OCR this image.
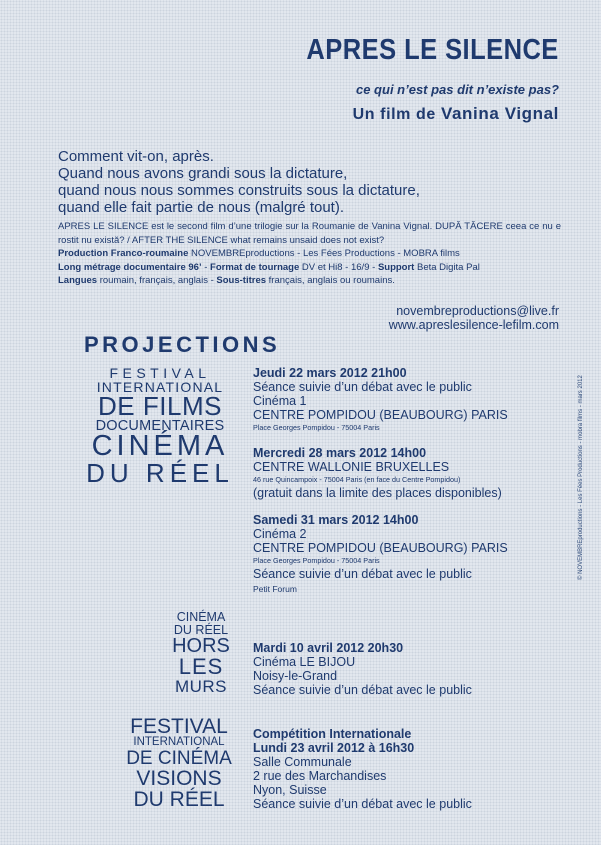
APRES LE SILENCE
ce qui n’est pas dit n’existe pas?
Un film de Vanina Vignal
Comment vit-on, après.
Quand nous avons grandi sous la dictature,
quand nous nous sommes construits sous la dictature,
quand elle fait partie de nous (malgré tout).

APRES LE SILENCE est le second film d’une trilogie sur la Roumanie de Vanina Vignal. DUPĂ TĂCERE ceea ce nu e rostit nu există? / AFTER THE SILENCE what remains unsaid does not exist?

Production Franco-roumaine NOVEMBREproductions - Les Fées Productions - MOBRA films

Long métrage documentaire 96’ - Format de tournage DV et Hi8 - 16/9 - Support Beta Digita Pal

Langues roumain, français, anglais - Sous-titres français, anglais ou roumains.

novembreproductions@live.fr
www.apreslesilence-lefilm.com
PROJECTIONS
FESTIVAL
INTERNATIONAL
DE FILMS
DOCUMENTAIRES
CINÉMA
DU RÉEL
CINÉMA
DU RÉEL
HORS
LES
MURS
FESTIVAL
INTERNATIONAL
DE CINÉMA
VISIONS
DU RÉEL
Jeudi 22 mars 2012 21h00
Séance suivie d’un débat avec le public
Cinéma 1
CENTRE POMPIDOU (BEAUBOURG) PARIS
Place Georges Pompidou - 75004 Paris
Mercredi 28 mars 2012 14h00
CENTRE WALLONIE BRUXELLES
46 rue Quincampoix - 75004 Paris (en face du Centre Pompidou)
(gratuit dans la limite des places disponibles)
Samedi 31 mars 2012 14h00
Cinéma 2
CENTRE POMPIDOU (BEAUBOURG) PARIS
Place Georges Pompidou - 75004 Paris
Séance suivie d’un débat avec le public
Petit Forum
Mardi 10 avril 2012 20h30
Cinéma LE BIJOU
Noisy-le-Grand
Séance suivie d’un débat avec le public
Compétition Internationale
Lundi 23 avril 2012 à 16h30
Salle Communale
2 rue des Marchandises
Nyon, Suisse
Séance suivie d’un débat avec le public
© NOVEMBREproductions - Les Fées Productions - mobra films - mars 2012
